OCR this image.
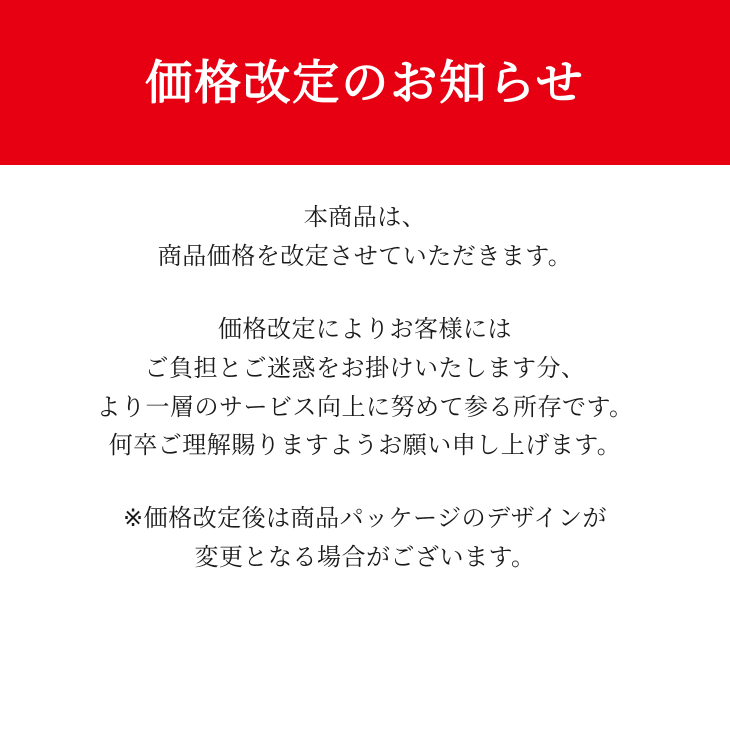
価格改定のお知らせ

本商品は、
商品価格を改定させていただきます。

価格改定によりお客様には
ご負担とご迷惑をお掛けいたします分、
より一層のサービス向上に努めて参る所存です。
何卒ご理解賜りますようお願い申し上げます。

※価格改定後は商品パッケージのデザインが
変更となる場合がございます。
